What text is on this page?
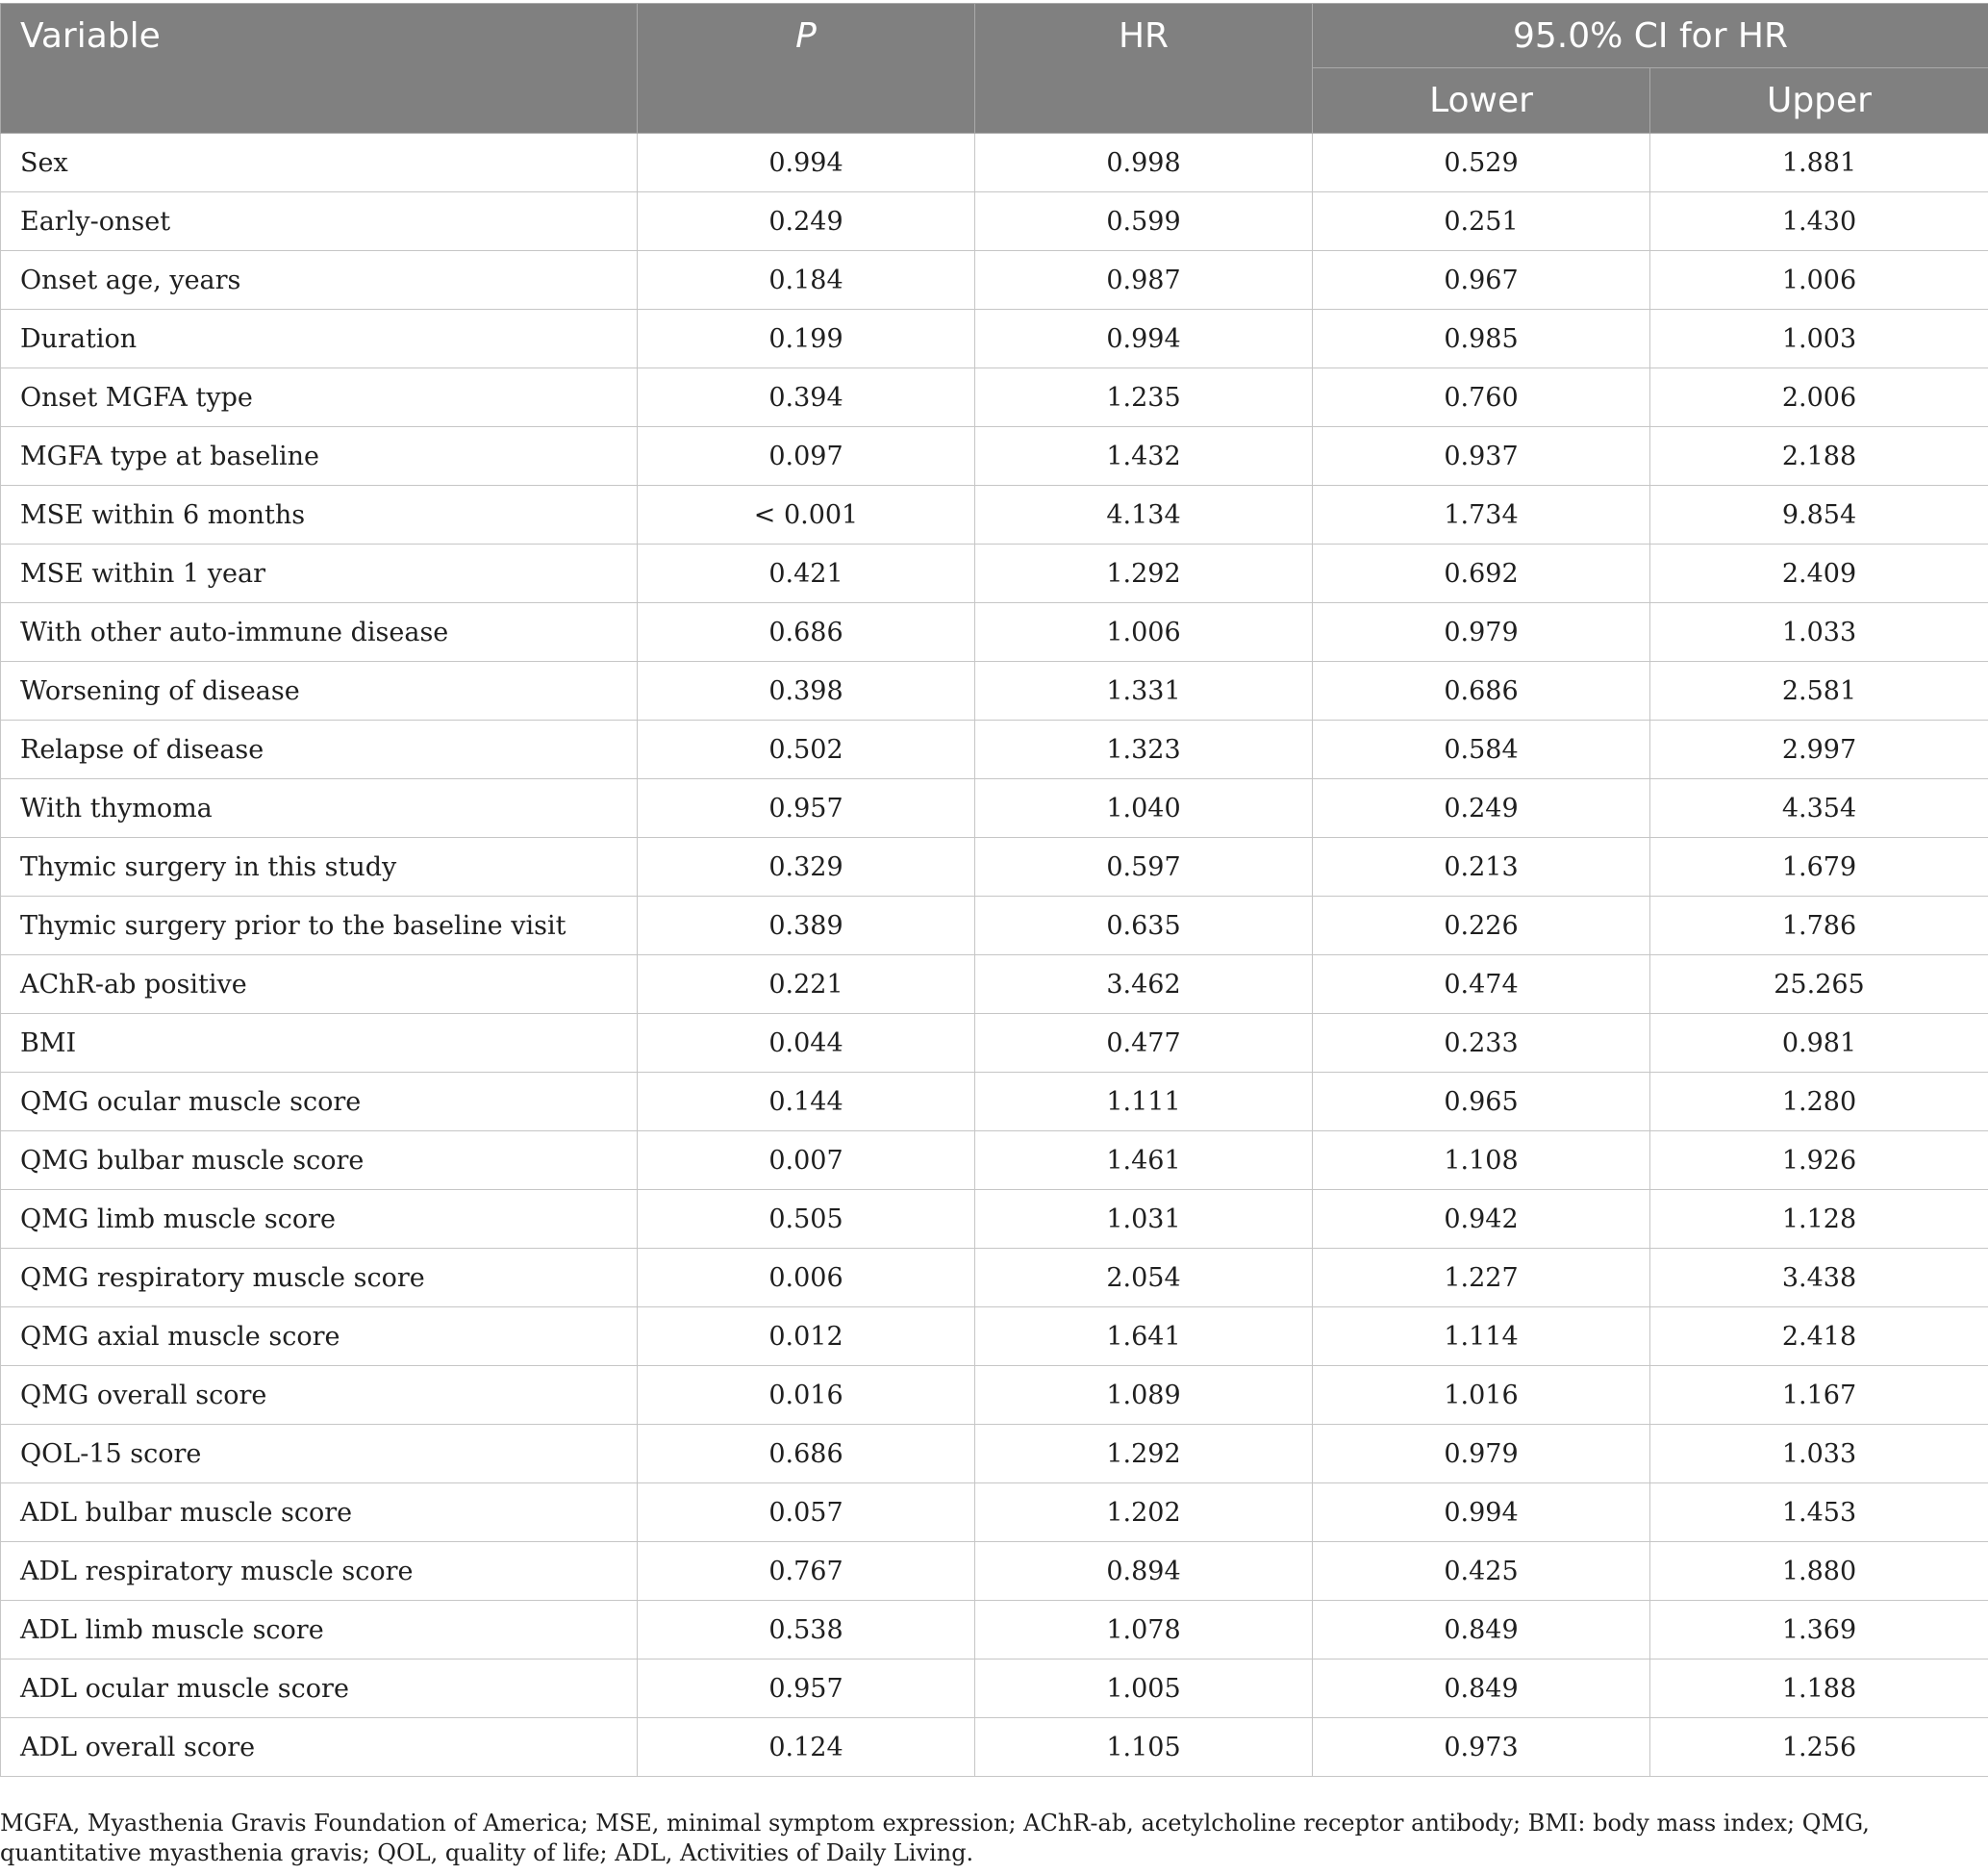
Variable	P	HR	95.0% CI for HR	
			Lower	Upper
Sex	0.994	0.998	0.529	1.881
Early-onset	0.249	0.599	0.251	1.430
Onset age, years	0.184	0.987	0.967	1.006
Duration	0.199	0.994	0.985	1.003
Onset MGFA type	0.394	1.235	0.760	2.006
MGFA type at baseline	0.097	1.432	0.937	2.188
MSE within 6 months	< 0.001	4.134	1.734	9.854
MSE within 1 year	0.421	1.292	0.692	2.409
With other auto-immune disease	0.686	1.006	0.979	1.033
Worsening of disease	0.398	1.331	0.686	2.581
Relapse of disease	0.502	1.323	0.584	2.997
With thymoma	0.957	1.040	0.249	4.354
Thymic surgery in this study	0.329	0.597	0.213	1.679
Thymic surgery prior to the baseline visit	0.389	0.635	0.226	1.786
AChR-ab positive	0.221	3.462	0.474	25.265
BMI	0.044	0.477	0.233	0.981
QMG ocular muscle score	0.144	1.111	0.965	1.280
QMG bulbar muscle score	0.007	1.461	1.108	1.926
QMG limb muscle score	0.505	1.031	0.942	1.128
QMG respiratory muscle score	0.006	2.054	1.227	3.438
QMG axial muscle score	0.012	1.641	1.114	2.418
QMG overall score	0.016	1.089	1.016	1.167
QOL-15 score	0.686	1.292	0.979	1.033
ADL bulbar muscle score	0.057	1.202	0.994	1.453
ADL respiratory muscle score	0.767	0.894	0.425	1.880
ADL limb muscle score	0.538	1.078	0.849	1.369
ADL ocular muscle score	0.957	1.005	0.849	1.188
ADL overall score	0.124	1.105	0.973	1.256
MGFA, Myasthenia Gravis Foundation of America; MSE, minimal symptom expression; AChR-ab, acetylcholine receptor antibody; BMI: body mass index; QMG, quantitative myasthenia gravis; QOL, quality of life; ADL, Activities of Daily Living.
